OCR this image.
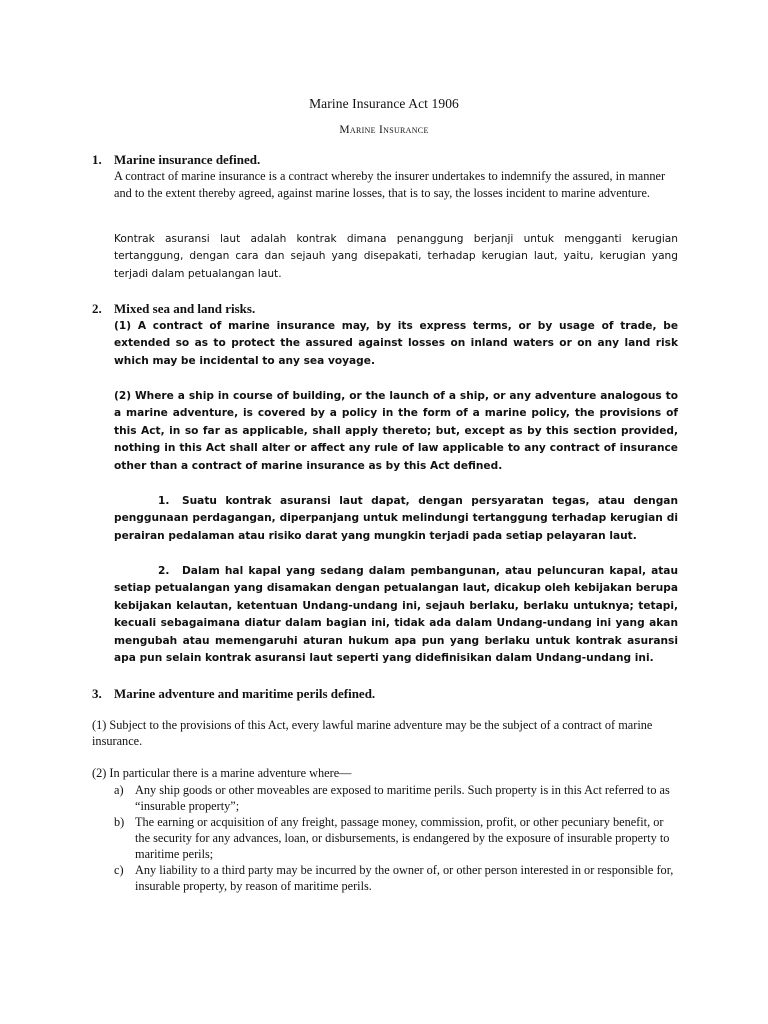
Marine Insurance Act 1906
Marine Insurance
1. Marine insurance defined.

A contract of marine insurance is a contract whereby the insurer undertakes to indemnify the assured, in manner and to the extent thereby agreed, against marine losses, that is to say, the losses incident to marine adventure.

Kontrak asuransi laut adalah kontrak dimana penanggung berjanji untuk mengganti kerugian tertanggung, dengan cara dan sejauh yang disepakati, terhadap kerugian laut, yaitu, kerugian yang terjadi dalam petualangan laut.

2. Mixed sea and land risks.

(1) A contract of marine insurance may, by its express terms, or by usage of trade, be extended so as to protect the assured against losses on inland waters or on any land risk which may be incidental to any sea voyage.

(2) Where a ship in course of building, or the launch of a ship, or any adventure analogous to a marine adventure, is covered by a policy in the form of a marine policy, the provisions of this Act, in so far as applicable, shall apply thereto; but, except as by this section provided, nothing in this Act shall alter or affect any rule of law applicable to any contract of insurance other than a contract of marine insurance as by this Act defined.

1. Suatu kontrak asuransi laut dapat, dengan persyaratan tegas, atau dengan penggunaan perdagangan, diperpanjang untuk melindungi tertanggung terhadap kerugian di perairan pedalaman atau risiko darat yang mungkin terjadi pada setiap pelayaran laut.

2. Dalam hal kapal yang sedang dalam pembangunan, atau peluncuran kapal, atau setiap petualangan yang disamakan dengan petualangan laut, dicakup oleh kebijakan berupa kebijakan kelautan, ketentuan Undang-undang ini, sejauh berlaku, berlaku untuknya; tetapi, kecuali sebagaimana diatur dalam bagian ini, tidak ada dalam Undang-undang ini yang akan mengubah atau memengaruhi aturan hukum apa pun yang berlaku untuk kontrak asuransi apa pun selain kontrak asuransi laut seperti yang didefinisikan dalam Undang-undang ini.

3. Marine adventure and maritime perils defined.

(1) Subject to the provisions of this Act, every lawful marine adventure may be the subject of a contract of marine insurance.

(2) In particular there is a marine adventure where—

a) Any ship goods or other moveables are exposed to maritime perils. Such property is in this Act referred to as “insurable property”;
b) The earning or acquisition of any freight, passage money, commission, profit, or other pecuniary benefit, or the security for any advances, loan, or disbursements, is endangered by the exposure of insurable property to maritime perils;
c) Any liability to a third party may be incurred by the owner of, or other person interested in or responsible for, insurable property, by reason of maritime perils.
